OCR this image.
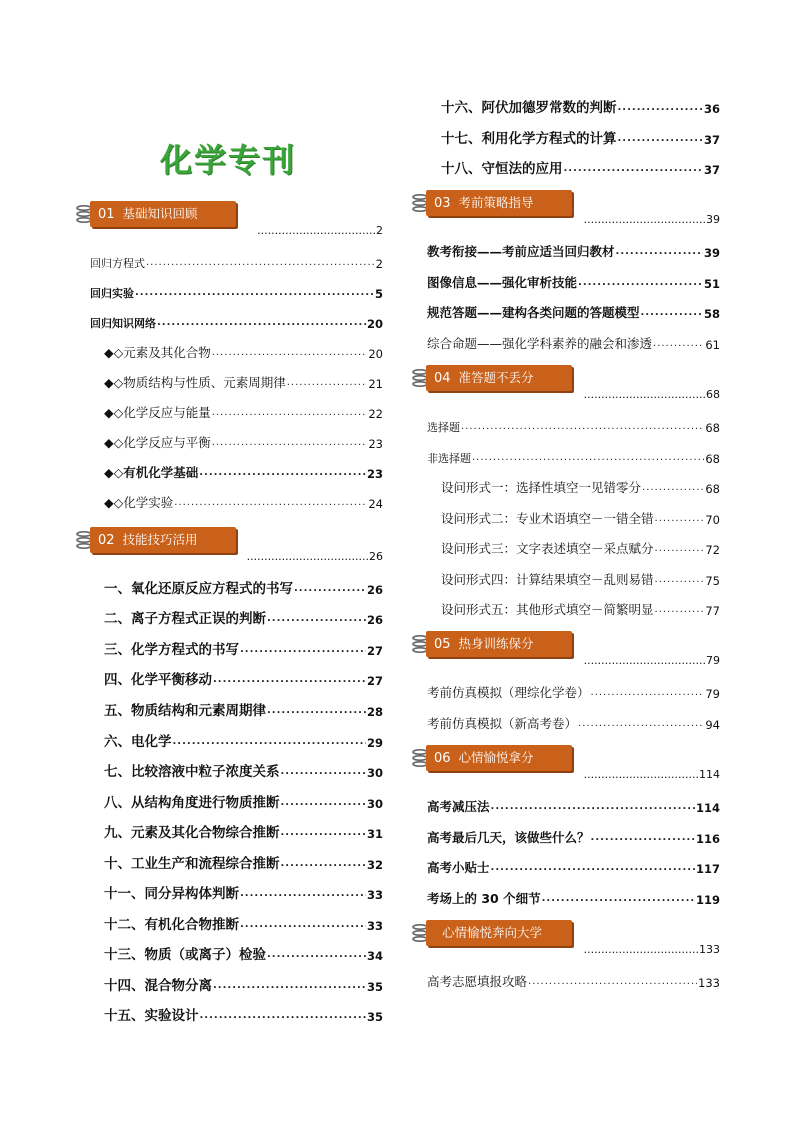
化学专刊
01 基础知识回顾
..................................2
回归方程式 .....	2
回归实验 .....	5
回归知识网络 .....	20
◆◇元素及其化合物 .....	20
◆◇物质结构与性质、元素周期律 .....	21
◆◇化学反应与能量 .....	22
◆◇化学反应与平衡 .....	23
◆◇有机化学基础 .....	23
◆◇化学实验 .....	24
02 技能技巧活用
...................................26
一、氧化还原反应方程式的书写 .....	26
二、离子方程式正误的判断 .....	26
三、化学方程式的书写 .....	27
四、化学平衡移动 .....	27
五、物质结构和元素周期律 .....	28
六、电化学 .....	29
七、比较溶液中粒子浓度关系 .....	30
八、从结构角度进行物质推断 .....	30
九、元素及其化合物综合推断 .....	31
十、工业生产和流程综合推断 .....	32
十一、同分异构体判断 .....	33
十二、有机化合物推断 .....	33
十三、物质（或离子）检验 .....	34
十四、混合物分离 .....	35
十五、实验设计 .....	35
十六、阿伏加德罗常数的判断 .....	36
十七、利用化学方程式的计算 .....	37
十八、守恒法的应用 .....	37
03 考前策略指导
...................................39
教考衔接——考前应适当回归教材 .....	39
图像信息——强化审析技能 .....	51
规范答题——建构各类问题的答题模型 .....	58
综合命题——强化学科素养的融会和渗透 .....	61
04 准答题不丢分
...................................68
选择题 .....	68
非选择题 .....	68
设问形式一：选择性填空一见错零分 .....	68
设问形式二：专业术语填空－一错全错 .....	70
设问形式三：文字表述填空－采点赋分 .....	72
设问形式四：计算结果填空－乱则易错 .....	75
设问形式五：其他形式填空－简繁明显 .....	77
05 热身训练保分
...................................79
考前仿真模拟（理综化学卷） .....	79
考前仿真模拟（新高考卷） .....	94
06 心情愉悦拿分
.................................114
高考减压法 .....	114
高考最后几天，该做些什么？ .....	116
高考小贴士 .....	117
考场上的 30 个细节 .....	119
心情愉悦奔向大学
.................................133
高考志愿填报攻略 .....	133
